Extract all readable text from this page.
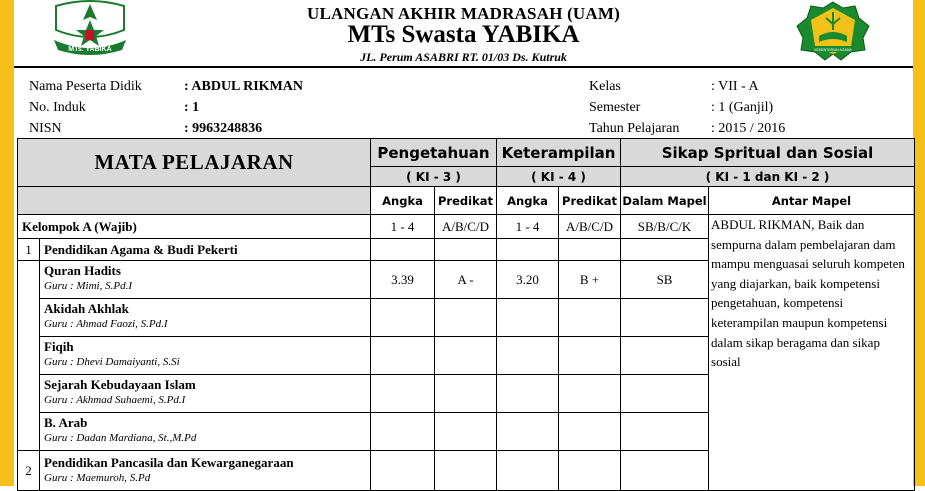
MTs. YABIKA
ULANGAN AKHIR MADRASAH (UAM)
MTs Swasta YABIKA
JL. Perum ASABRI RT. 01/03 Ds. Kutruk	KEMENTERIAN AGAMA
Nama Peserta Didik	: ABDUL RIKMAN
No. Induk	: 1
NISN	: 9963248836
Kelas	: VII - A
Semester	: 1 (Ganjil)
Tahun Pelajaran : 2015 / 2016
MATA PELAJARAN		Pengetahuan		Keterampilan		Sikap Spritual dan Sosial		
		( KI - 3 )		( KI - 4 )		( KI - 1 dan KI - 2 )		
		Angka	Predikat	Angka	Predikat	Dalam Mapel	Antar Mapel	
Kelompok A (Wajib)		1 - 4	A/B/C/D	1 - 4	A/B/C/D	SB/B/C/K	ABDUL RIKMAN, Baik dan sempurna dalam pembelajaran dam mampu menguasai seluruh kompeten yang diajarkan, baik kompetensi pengetahuan, kompetensi keterampilan maupun kompetensi dalam sikap beragama dan sikap sosial	
1	Pendidikan Agama & Budi Pekerti							
	Quran Hadits
Guru : Mimi, S.Pd.I	3.39	A -	3.20	B +	SB		
	Akidah Akhlak
Guru : Ahmad Faozi, S.Pd.I							

	Fiqih
Guru : Dhevi Damaiyanti, S.Si							

	Sejarah Kebudayaan Islam
Guru : Akhmad Suhaemi, S.Pd.I							

	B. Arab
Guru : Dadan Mardiana, St.,M.Pd							

2	Pendidikan Pancasila dan Kewarganegaraan
Guru : Maemuroh, S.Pd							
